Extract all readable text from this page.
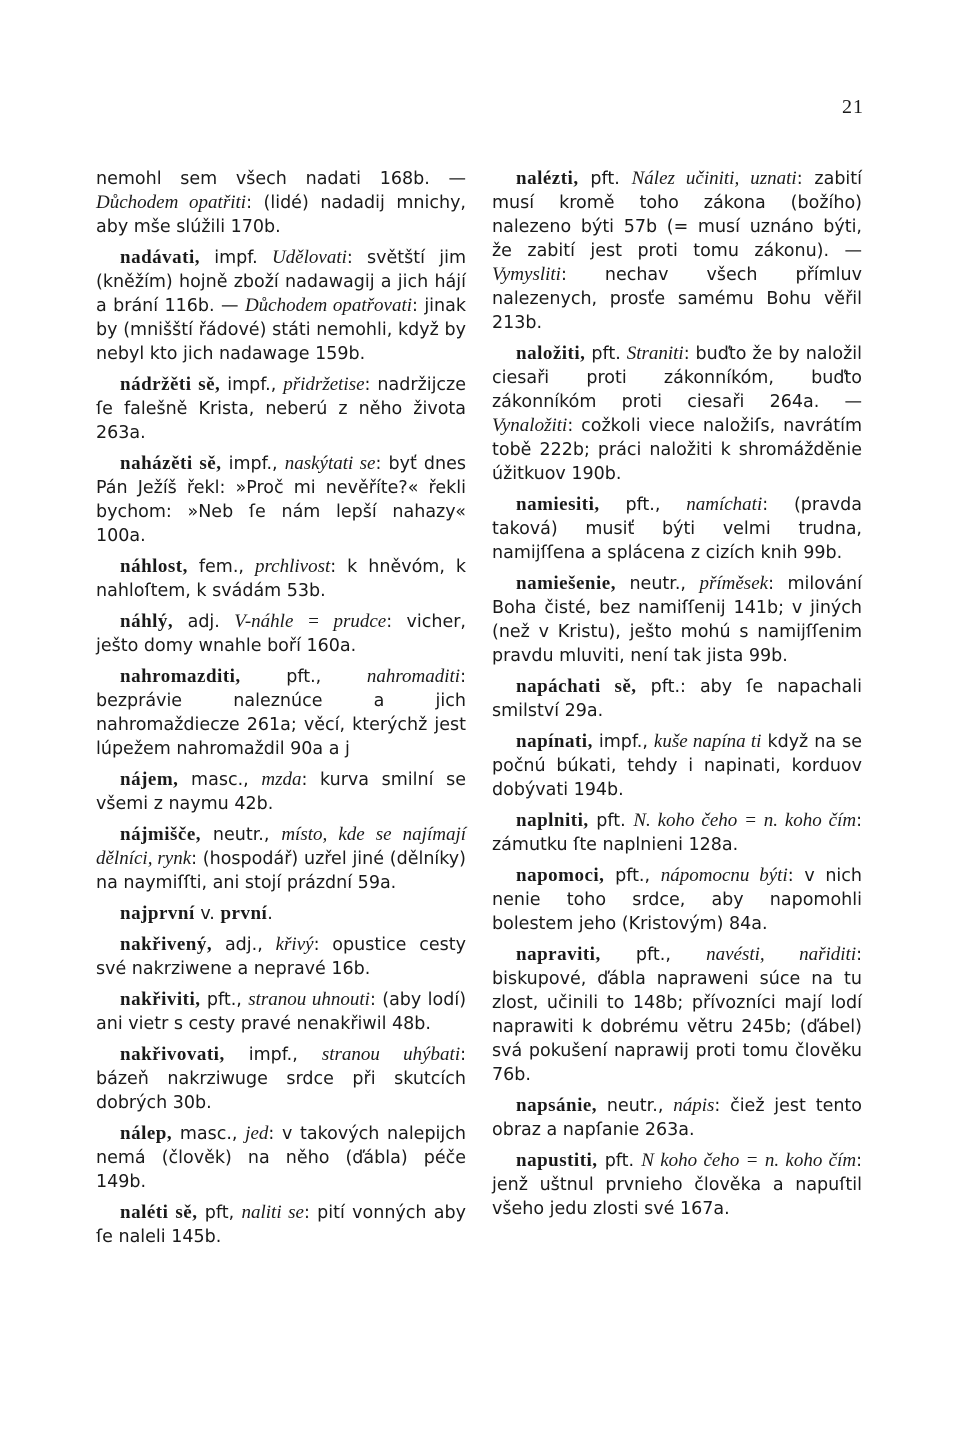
21

nemohl sem všech nadati 168b. — Důchodem opatřiti: (lidé) nadadij mnichy, aby mše slúžili 170b.

nadávati, impf. Udělovati: světští jim (kněžím) hojně zboží nadawagij a jich hájí a brání 116b. — Důchodem opatřovati: jinak by (mnišští řádové) státi nemohli, když by nebyl kto jich nadawage 159b.

nádržěti sě, impf., přidržetise: nadržijcze ſe falešně Krista, neberú z něho života 263a.

naházěti sě, impf., naskýtati se: byť dnes Pán Ježíš řekl: »Proč mi nevěříte?« řekli bychom: »Neb ſe nám lepší nahazy« 100a.

náhlost, fem., prchlivost: k hněvóm, k nahloſtem, k svádám 53b.

náhlý, adj. V-náhle = prudce: vicher, ješto domy wnahle boří 160a.

nahromazditi, pft., nahromaditi: bezprávie naleznúce a jich nahromaždiecze 261a; věcí, kterýchž jest lúpežem nahromaždil 90a a j

nájem, masc., mzda: kurva smilní se všemi z naymu 42b.

nájmišče, neutr., místo, kde se najímají dělníci, rynk: (hospodář) uzřel jiné (dělníky) na naymiſſti, ani stojí prázdní 59a.

najprvní v. první.

nakřivený, adj., křivý: opustice cesty své nakrziwene a nepravé 16b.

nakřiviti, pft., stranou uhnouti: (aby lodí) ani vietr s cesty pravé nenakřiwil 48b.

nakřivovati, impf., stranou uhýbati: bázeň nakrziwuge srdce při skutcích dobrých 30b.

nálep, masc., jed: v takových nalepijch nemá (člověk) na něho (ďábla) péče 149b.

naléti sě, pft, naliti se: pití vonných aby ſe naleli 145b.

nalézti, pft. Nález učiniti, uznati: zabití musí kromě toho zákona (božího) nalezeno býti 57b (= musí uznáno býti, že zabití jest proti tomu zákonu). — Vymysliti: nechav všech přímluv nalezenych, prosťe samému Bohu věřil 213b.

naložiti, pft. Straniti: buďto že by naložil ciesaři proti zákonníkóm, buďto zákonníkóm proti ciesaři 264a. — Vynaložiti: cožkoli viece naložiſs, navrátím tobě 222b; práci naložiti k shromážděnie úžitkuov 190b.

namiesiti, pft., namíchati: (pravda taková) musiť býti velmi trudna, namijſſena a splácena z cizích knih 99b.

namiešenie, neutr., příměsek: milování Boha čisté, bez namiſſenij 141b; v jiných (než v Kristu), ješto mohú s namijſſenim pravdu mluviti, není tak jista 99b.

napáchati sě, pft.: aby ſe napachali smilství 29a.

napínati, impf., kuše napína ti když na se počnú búkati, tehdy i napinati, korduov dobývati 194b.

naplniti, pft. N. koho čeho = n. koho čím: zámutku ſte naplnieni 128a.

napomoci, pft., nápomocnu býti: v nich nenie toho srdce, aby napomohli bolestem jeho (Kristovým) 84a.

napraviti, pft., navésti, nařiditi: biskupové, ďábla napraweni súce na tu zlost, učinili to 148b; přívozníci mají lodí naprawiti k dobrému větru 245b; (ďábel) svá pokušení naprawij proti tomu člověku 76b.

napsánie, neutr., nápis: čiež jest tento obraz a napſanie 263a.

napustiti, pft. N koho čeho = n. koho čím: jenž uštnul prvnieho člověka a napuſtil všeho jedu zlosti své 167a.
